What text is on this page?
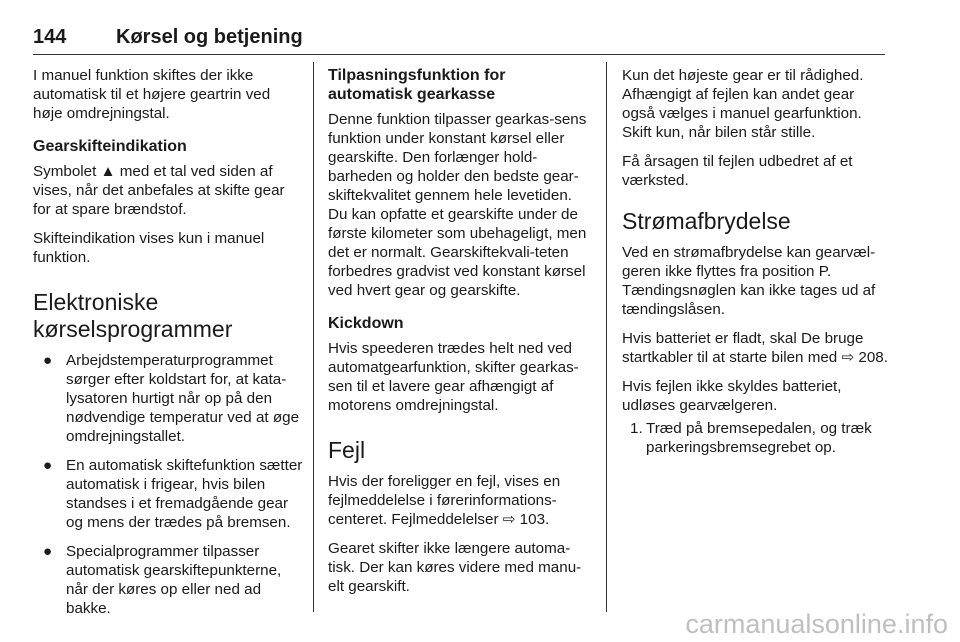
144 Kørsel og betjening

I manuel funktion skiftes der ikke automatisk til et højere geartrin ved høje omdrejningstal.

Gearskifteindikation

Symbolet ▲ med et tal ved siden af vises, når det anbefales at skifte gear for at spare brændstof.

Skifteindikation vises kun i manuel funktion.

Elektroniske kørselsprogrammer
● Arbejdstemperaturprogrammet sørger efter koldstart for, at kata-lysatoren hurtigt når op på den nødvendige temperatur ved at øge omdrejningstallet.
● En automatisk skiftefunktion sætter automatisk i frigear, hvis bilen standses i et fremadgående gear og mens der trædes på bremsen.
● Specialprogrammer tilpasser automatisk gearskiftepunkterne, når der køres op eller ned ad bakke.
Tilpasningsfunktion for automatisk gearkasse

Denne funktion tilpasser gearkas-sens funktion under konstant kørsel eller gearskifte. Den forlænger hold-barheden og holder den bedste gear-skiftekvalitet gennem hele levetiden. Du kan opfatte et gearskifte under de første kilometer som ubehageligt, men det er normalt. Gearskiftekvali-teten forbedres gradvist ved konstant kørsel ved hvert gear og gearskifte.

Kickdown

Hvis speederen trædes helt ned ved automatgearfunktion, skifter gearkas-sen til et lavere gear afhængigt af motorens omdrejningstal.

Fejl

Hvis der foreligger en fejl, vises en fejlmeddelelse i førerinformations-centeret. Fejlmeddelelser ⇨ 103.

Gearet skifter ikke længere automa-tisk. Der kan køres videre med manu-elt gearskift.

Kun det højeste gear er til rådighed. Afhængigt af fejlen kan andet gear også vælges i manuel gearfunktion. Skift kun, når bilen står stille.

Få årsagen til fejlen udbedret af et værksted.

Strømafbrydelse

Ved en strømafbrydelse kan gearvæl-geren ikke flyttes fra position P. Tændingsnøglen kan ikke tages ud af tændingslåsen.

Hvis batteriet er fladt, skal De bruge startkabler til at starte bilen med ⇨ 208.

Hvis fejlen ikke skyldes batteriet, udløses gearvælgeren.

1. Træd på bremsepedalen, og træk parkeringsbremsegrebet op.
carmanualsonline.info
